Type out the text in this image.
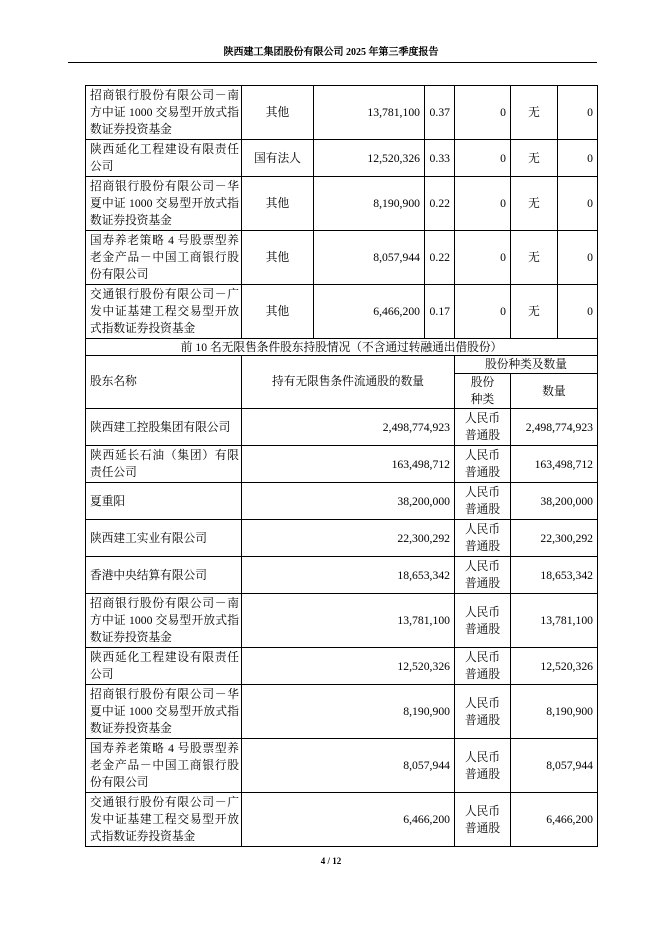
陕西建工集团股份有限公司 2025 年第三季度报告
招商银行股份有限公司－南
方中证 1000 交易型开放式指
数证券投资基金	其他	13,781,100	0.37	0	无	0

陕西延化工程建设有限责任
公司	国有法人	12,520,326	0.33	0	无	0

招商银行股份有限公司－华
夏中证 1000 交易型开放式指
数证券投资基金	其他	8,190,900	0.22	0	无	0

国寿养老策略 4 号股票型养
老金产品－中国工商银行股
份有限公司	其他	8,057,944	0.22	0	无	0

交通银行股份有限公司－广
发中证基建工程交易型开放
式指数证券投资基金	其他	6,466,200	0.17	0	无	0
前 10 名无限售条件股东持股情况（不含通过转融通出借股份）						
股东名称	持有无限售条件流通股的数量			股份种类及数量		
				股份种类	数量	

陕西建工控股集团有限公司	2,498,774,923			人民币普通股	2,498,774,923	

陕西延长石油（集团）有限
责任公司	163,498,712			人民币普通股	163,498,712	

夏重阳	38,200,000			人民币普通股	38,200,000	

陕西建工实业有限公司	22,300,292			人民币普通股	22,300,292	

香港中央结算有限公司	18,653,342			人民币普通股	18,653,342	

招商银行股份有限公司－南
方中证 1000 交易型开放式指
数证券投资基金	13,781,100			人民币普通股	13,781,100	

陕西延化工程建设有限责任
公司	12,520,326			人民币普通股	12,520,326	

招商银行股份有限公司－华
夏中证 1000 交易型开放式指
数证券投资基金	8,190,900			人民币普通股	8,190,900	

国寿养老策略 4 号股票型养
老金产品－中国工商银行股
份有限公司	8,057,944			人民币普通股	8,057,944	

交通银行股份有限公司－广
发中证基建工程交易型开放
式指数证券投资基金	6,466,200			人民币普通股	6,466,200	
4 / 12
